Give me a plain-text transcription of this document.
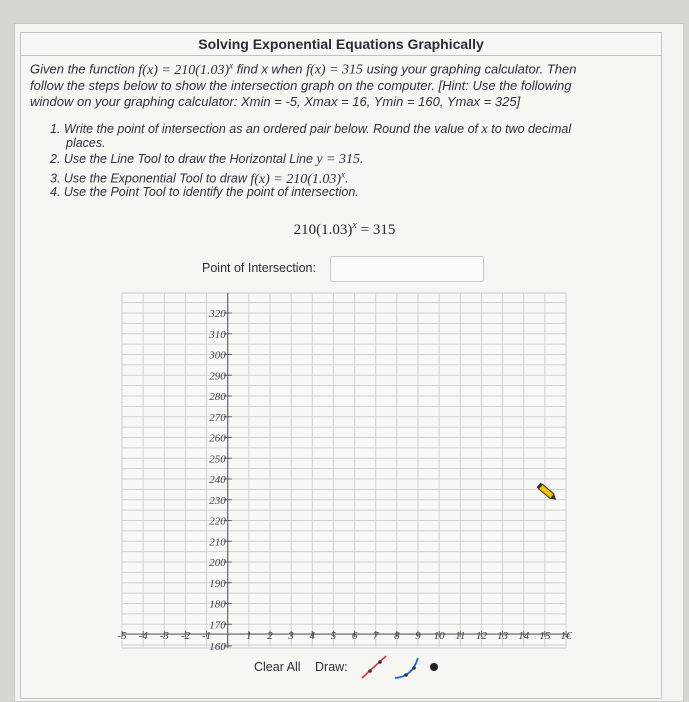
Solving Exponential Equations Graphically
Given the function $f(x) = 210(1.03)^x$ find x when f(x) = 315 using your graphing calculator. Then
follow the steps below to show the intersection graph on the computer. [Hint: Use the following
window on your graphing calculator: Xmin = -5, Xmax = 16, Ymin = 160, Ymax = 325]
1. Write the point of intersection as an ordered pair below. Round the value of x to two decimal
places.
2. Use the Line Tool to draw the Horizontal Line y = 315.
3. Use the Exponential Tool to draw $f(x) = 210(1.03)^x$.
4. Use the Point Tool to identify the point of intersection.
$210(1.03)^x = 315$
Point of Intersection:
320
310
300
290
280
270
260
250
240
230
220
210
200
190
180
170
160
-5 -4 -3 -2 -1	1 2 3 4 5 6 7 8 9 10 11 12 13 14 15 1€
Clear All Draw:
